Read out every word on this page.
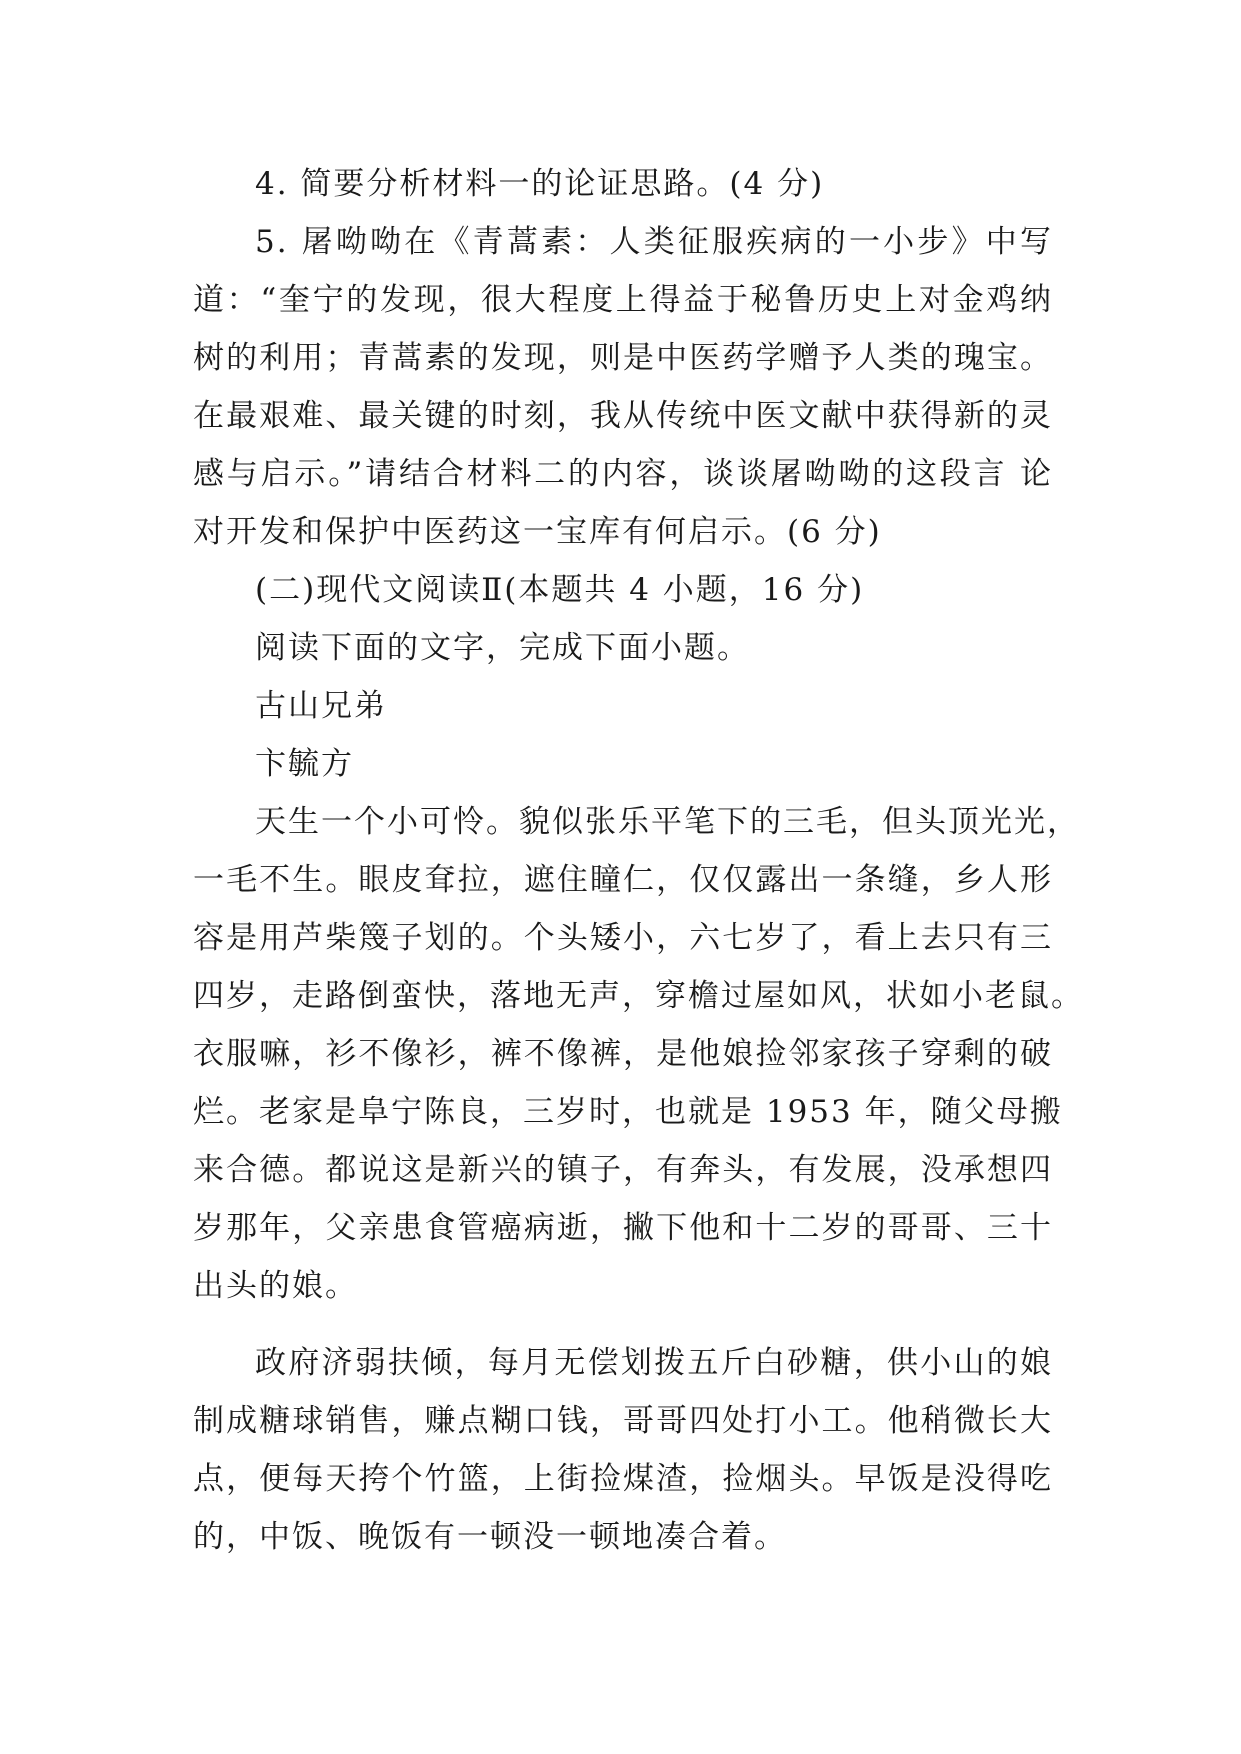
4. 简要分析材料一的论证思路。(4 分)
5. 屠呦呦在《青蒿素：人类征服疾病的一小步》中写
道：“奎宁的发现，很大程度上得益于秘鲁历史上对金鸡纳
树的利用；青蒿素的发现，则是中医药学赠予人类的瑰宝。
在最艰难、最关键的时刻，我从传统中医文献中获得新的灵
感与启示。”请结合材料二的内容，谈谈屠呦呦的这段言 论
对开发和保护中医药这一宝库有何启示。(6 分)
(二)现代文阅读Ⅱ(本题共 4 小题，16 分)
阅读下面的文字，完成下面小题。
古山兄弟
卞毓方
天生一个小可怜。貌似张乐平笔下的三毛，但头顶光光，
一毛不生。眼皮耷拉，遮住瞳仁，仅仅露出一条缝，乡人形
容是用芦柴篾子划的。个头矮小，六七岁了，看上去只有三
四岁，走路倒蛮快，落地无声，穿檐过屋如风，状如小老鼠。
衣服嘛，衫不像衫，裤不像裤，是他娘捡邻家孩子穿剩的破
烂。老家是阜宁陈良，三岁时，也就是 1953 年，随父母搬
来合德。都说这是新兴的镇子，有奔头，有发展，没承想四
岁那年，父亲患食管癌病逝，撇下他和十二岁的哥哥、三十
出头的娘。
政府济弱扶倾，每月无偿划拨五斤白砂糖，供小山的娘
制成糖球销售，赚点糊口钱，哥哥四处打小工。他稍微长大
点，便每天挎个竹篮，上街捡煤渣，捡烟头。早饭是没得吃
的，中饭、晚饭有一顿没一顿地凑合着。
